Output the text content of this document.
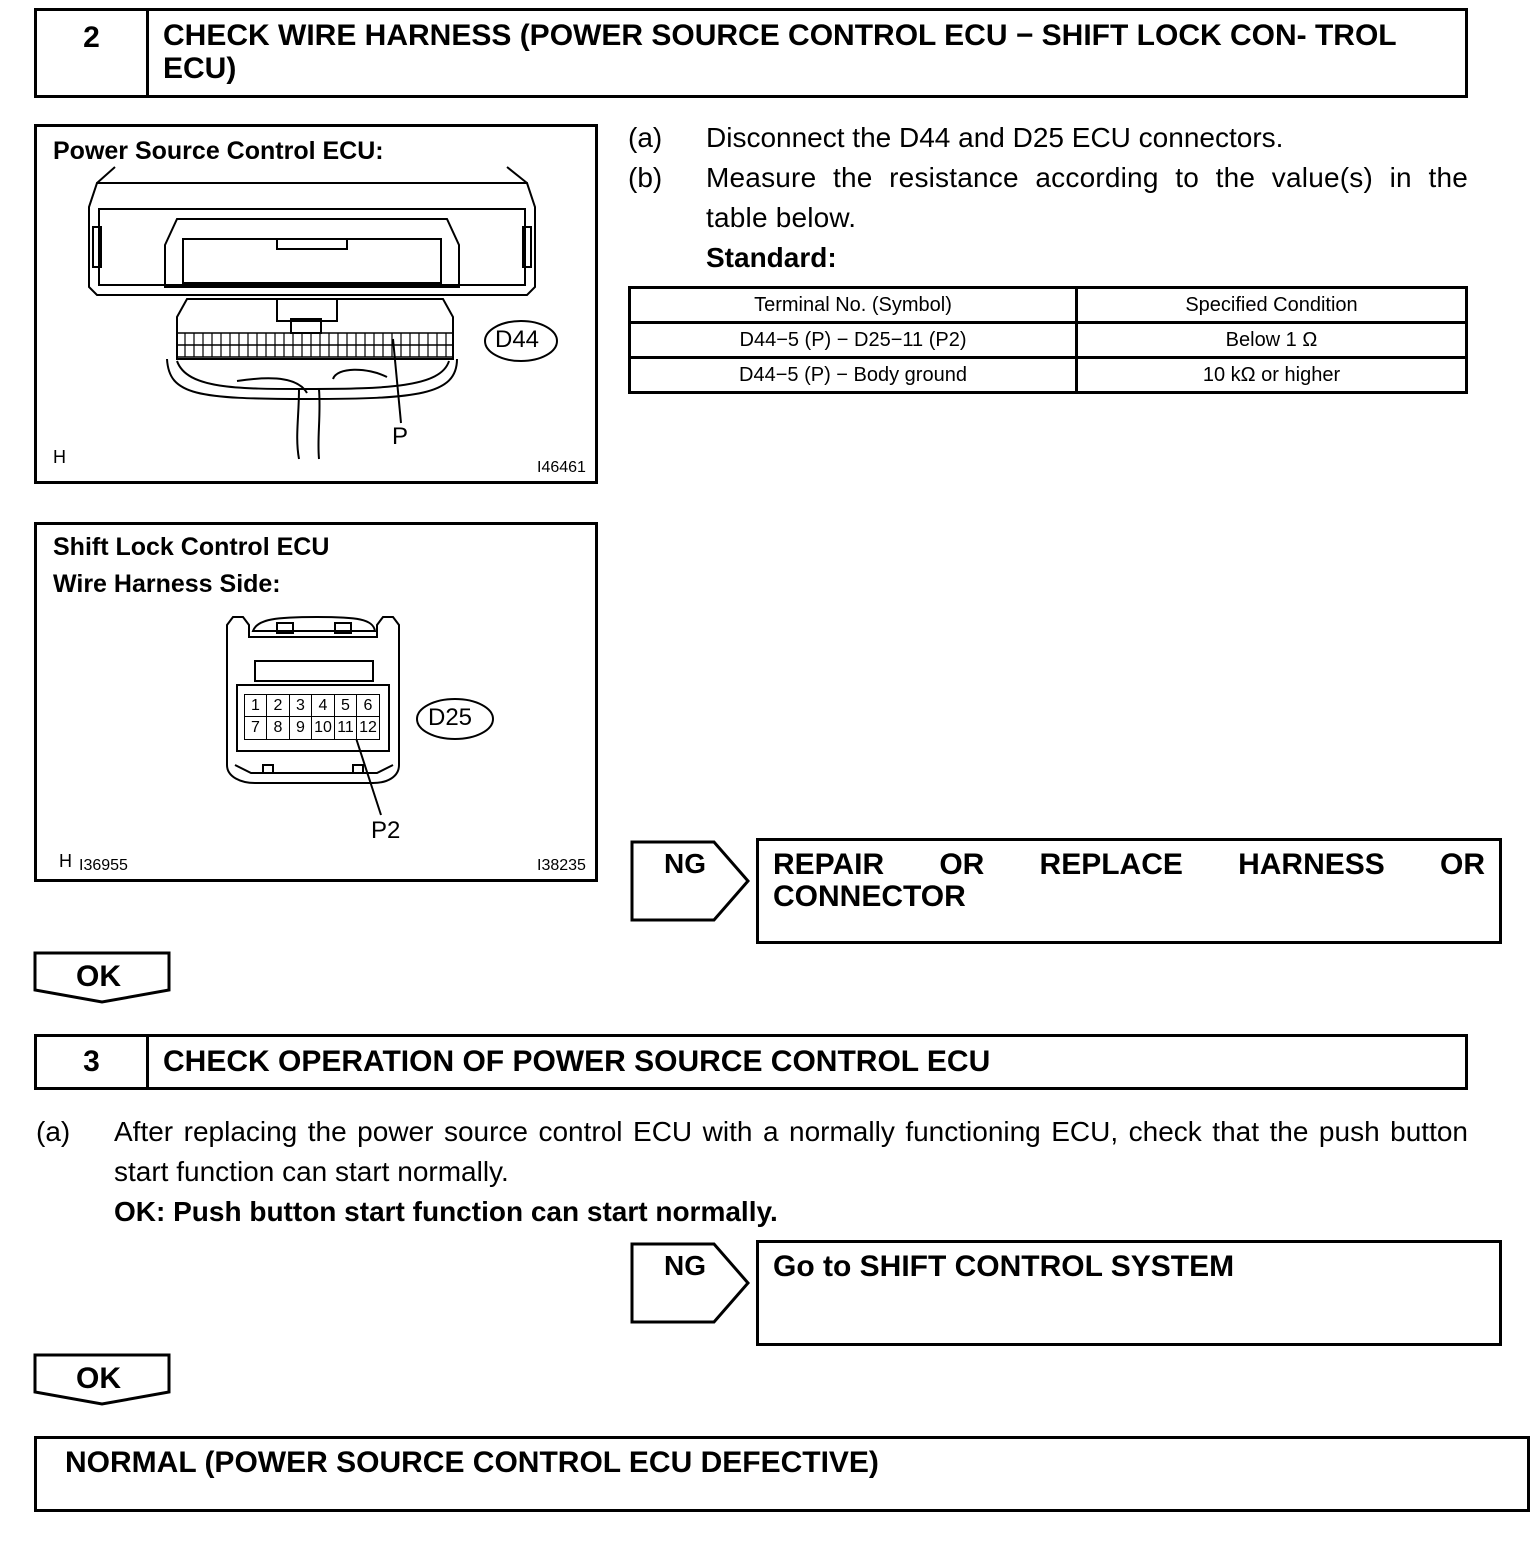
2	CHECK WIRE HARNESS (POWER SOURCE CONTROL ECU − SHIFT LOCK CON- TROL ECU)
Power Source Control ECU:
D44
P
H
I46461
Shift Lock Control ECU
Wire Harness Side:
1 2 3 4 5 6
7 8 9 10 11 12 D25
P2
H I36955	I38235
(a) Disconnect the D44 and D25 ECU connectors.
(b) Measure the resistance according to the value(s) in the table below.
Standard:
Terminal No. (Symbol)	Specified Condition
D44−5 (P) − D25−11 (P2)	Below 1 Ω
D44−5 (P) − Body ground	10 kΩ or higher
NG REPAIR OR REPLACE HARNESS OR CONNECTOR
OK
3	CHECK OPERATION OF POWER SOURCE CONTROL ECU
(a) After replacing the power source control ECU with a normally functioning ECU, check that the push button start function can start normally.
OK: Push button start function can start normally.
NG Go to SHIFT CONTROL SYSTEM
OK
NORMAL (POWER SOURCE CONTROL ECU DEFECTIVE)
